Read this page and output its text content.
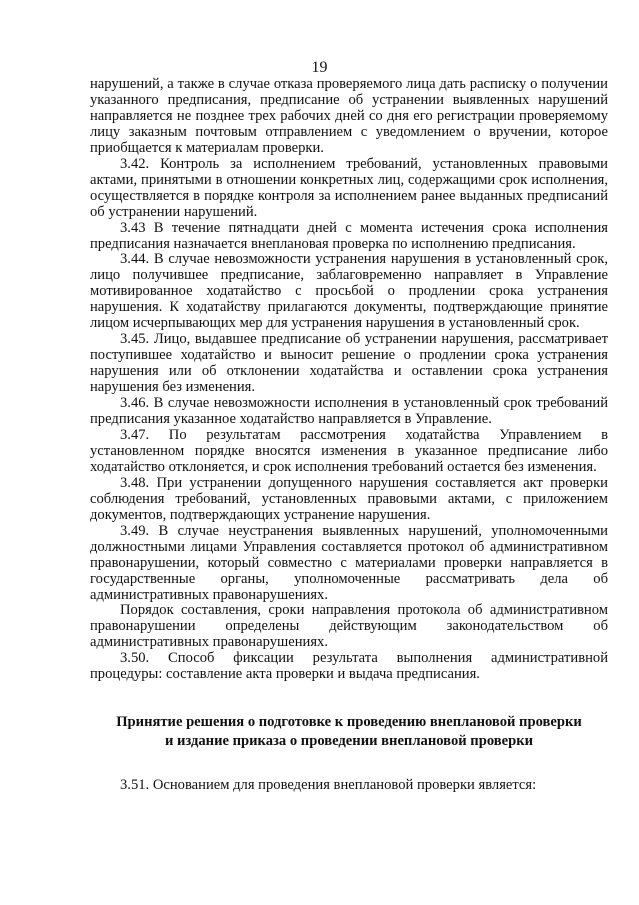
19

нарушений, а также в случае отказа проверяемого лица дать расписку о получении указанного предписания, предписание об устранении выявленных нарушений направляется не позднее трех рабочих дней со дня его регистрации проверяемому лицу заказным почтовым отправлением с уведомлением о вручении, которое приобщается к материалам проверки.

3.42. Контроль за исполнением требований, установленных правовыми актами, принятыми в отношении конкретных лиц, содержащими срок исполнения, осуществляется в порядке контроля за исполнением ранее выданных предписаний об устранении нарушений.

3.43 В течение пятнадцати дней с момента истечения срока исполнения предписания назначается внеплановая проверка по исполнению предписания.

3.44. В случае невозможности устранения нарушения в установленный срок, лицо получившее предписание, заблаговременно направляет в Управление мотивированное ходатайство с просьбой о продлении срока устранения нарушения. К ходатайству прилагаются документы, подтверждающие принятие лицом исчерпывающих мер для устранения нарушения в установленный срок.

3.45. Лицо, выдавшее предписание об устранении нарушения, рассматривает поступившее ходатайство и выносит решение о продлении срока устранения нарушения или об отклонении ходатайства и оставлении срока устранения нарушения без изменения.

3.46. В случае невозможности исполнения в установленный срок требований предписания указанное ходатайство направляется в Управление.

3.47. По результатам рассмотрения ходатайства Управлением в установленном порядке вносятся изменения в указанное предписание либо ходатайство отклоняется, и срок исполнения требований остается без изменения.

3.48. При устранении допущенного нарушения составляется акт проверки соблюдения требований, установленных правовыми актами, с приложением документов, подтверждающих устранение нарушения.

3.49. В случае неустранения выявленных нарушений, уполномоченными должностными лицами Управления составляется протокол об административном правонарушении, который совместно с материалами проверки направляется в государственные органы, уполномоченные рассматривать дела об административных правонарушениях.

Порядок составления, сроки направления протокола об административном правонарушении определены действующим законодательством об административных правонарушениях.

3.50. Способ фиксации результата выполнения административной процедуры: составление акта проверки и выдача предписания.

Принятие решения о подготовке к проведению внеплановой проверки
и издание приказа о проведении внеплановой проверки

3.51. Основанием для проведения внеплановой проверки является:
